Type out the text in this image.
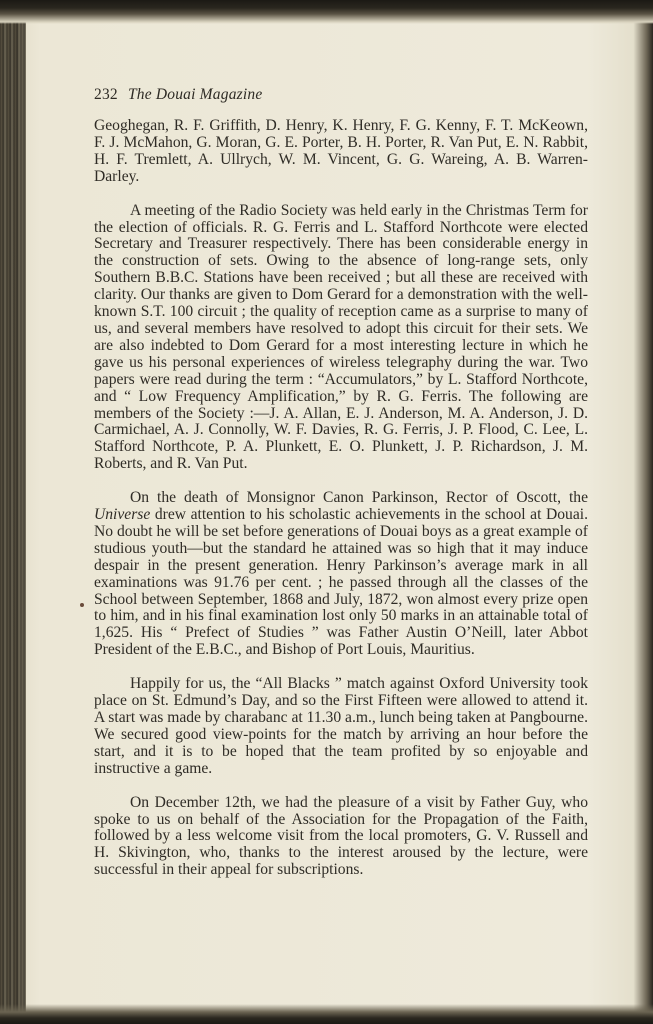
232 The Douai Magazine

Geoghegan, R. F. Griffith, D. Henry, K. Henry, F. G. Kenny, F. T. McKeown, F. J. McMahon, G. Moran, G. E. Porter, B. H. Porter, R. Van Put, E. N. Rabbit, H. F. Tremlett, A. Ullrych, W. M. Vincent, G. G. Wareing, A. B. Warren-Darley.

A meeting of the Radio Society was held early in the Christmas Term for the election of officials. R. G. Ferris and L. Stafford Northcote were elected Secretary and Treasurer respectively. There has been considerable energy in the construction of sets. Owing to the absence of long-range sets, only Southern B.B.C. Stations have been received ; but all these are received with clarity. Our thanks are given to Dom Gerard for a demonstration with the well-known S.T. 100 circuit ; the quality of reception came as a surprise to many of us, and several members have resolved to adopt this circuit for their sets. We are also indebted to Dom Gerard for a most interesting lecture in which he gave us his personal experiences of wireless telegraphy during the war. Two papers were read during the term : “Accumulators,” by L. Stafford Northcote, and “ Low Frequency Amplification,” by R. G. Ferris. The following are members of the Society :—J. A. Allan, E. J. Anderson, M. A. Anderson, J. D. Carmichael, A. J. Connolly, W. F. Davies, R. G. Ferris, J. P. Flood, C. Lee, L. Stafford Northcote, P. A. Plunkett, E. O. Plunkett, J. P. Richardson, J. M. Roberts, and R. Van Put.

On the death of Monsignor Canon Parkinson, Rector of Oscott, the Universe drew attention to his scholastic achievements in the school at Douai. No doubt he will be set before generations of Douai boys as a great example of studious youth—but the standard he attained was so high that it may induce despair in the present generation. Henry Parkinson’s average mark in all examinations was 91.76 per cent. ; he passed through all the classes of the School between September, 1868 and July, 1872, won almost every prize open to him, and in his final examination lost only 50 marks in an attainable total of 1,625. His “ Prefect of Studies ” was Father Austin O’Neill, later Abbot President of the E.B.C., and Bishop of Port Louis, Mauritius.

Happily for us, the “All Blacks ” match against Oxford University took place on St. Edmund’s Day, and so the First Fifteen were allowed to attend it. A start was made by charabanc at 11.30 a.m., lunch being taken at Pangbourne. We secured good view-points for the match by arriving an hour before the start, and it is to be hoped that the team profited by so enjoyable and instructive a game.

On December 12th, we had the pleasure of a visit by Father Guy, who spoke to us on behalf of the Association for the Propagation of the Faith, followed by a less welcome visit from the local promoters, G. V. Russell and H. Skivington, who, thanks to the interest aroused by the lecture, were successful in their appeal for subscriptions.
